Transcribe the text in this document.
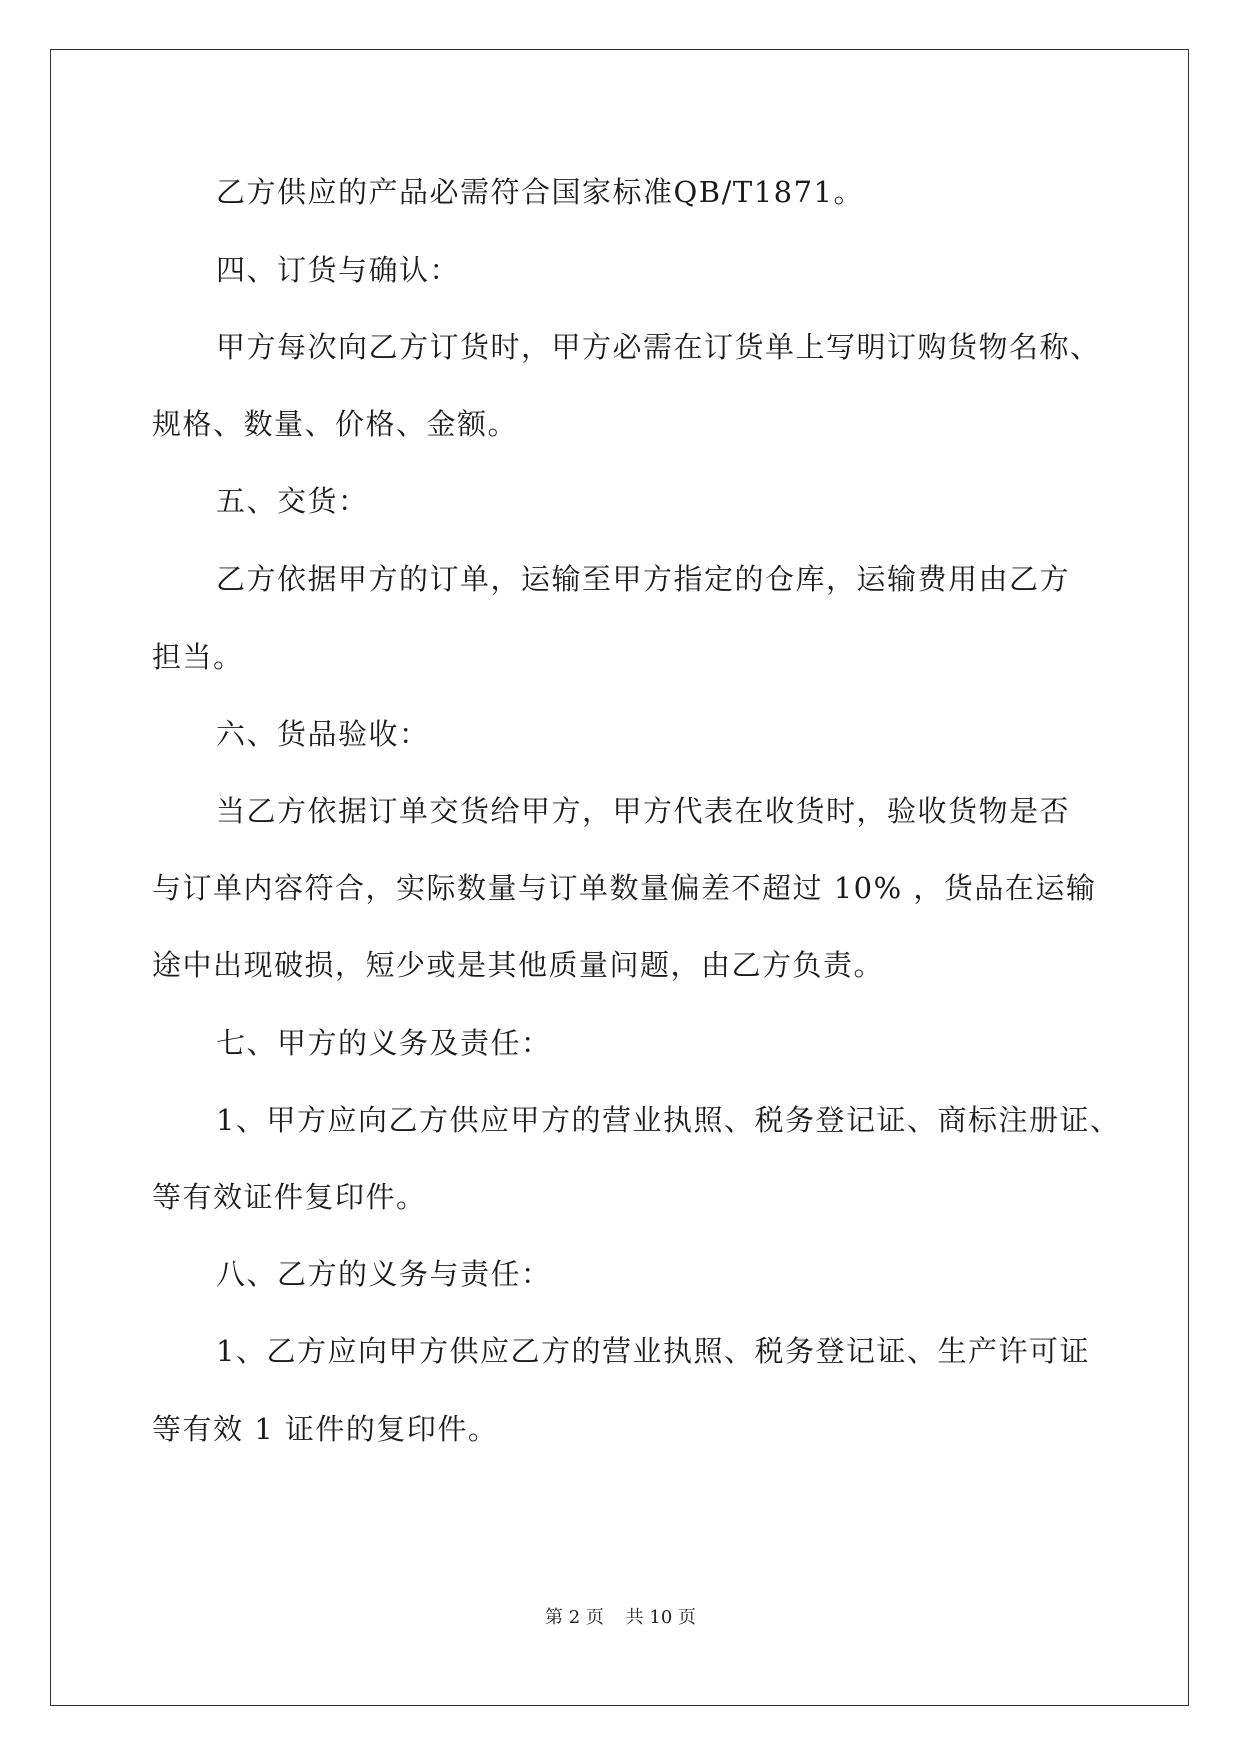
乙方供应的产品必需符合国家标准QB/T1871。
四、订货与确认：
甲方每次向乙方订货时，甲方必需在订货单上写明订购货物名称、
规格、数量、价格、金额。
五、交货：
乙方依据甲方的订单，运输至甲方指定的仓库，运输费用由乙方
担当。
六、货品验收：
当乙方依据订单交货给甲方，甲方代表在收货时，验收货物是否
与订单内容符合，实际数量与订单数量偏差不超过 10% ，货品在运输
途中出现破损，短少或是其他质量问题，由乙方负责。
七、甲方的义务及责任：
1、甲方应向乙方供应甲方的营业执照、税务登记证、商标注册证、
等有效证件复印件。
八、乙方的义务与责任：
1、乙方应向甲方供应乙方的营业执照、税务登记证、生产许可证
等有效 1 证件的复印件。
第 2 页 共 10 页
